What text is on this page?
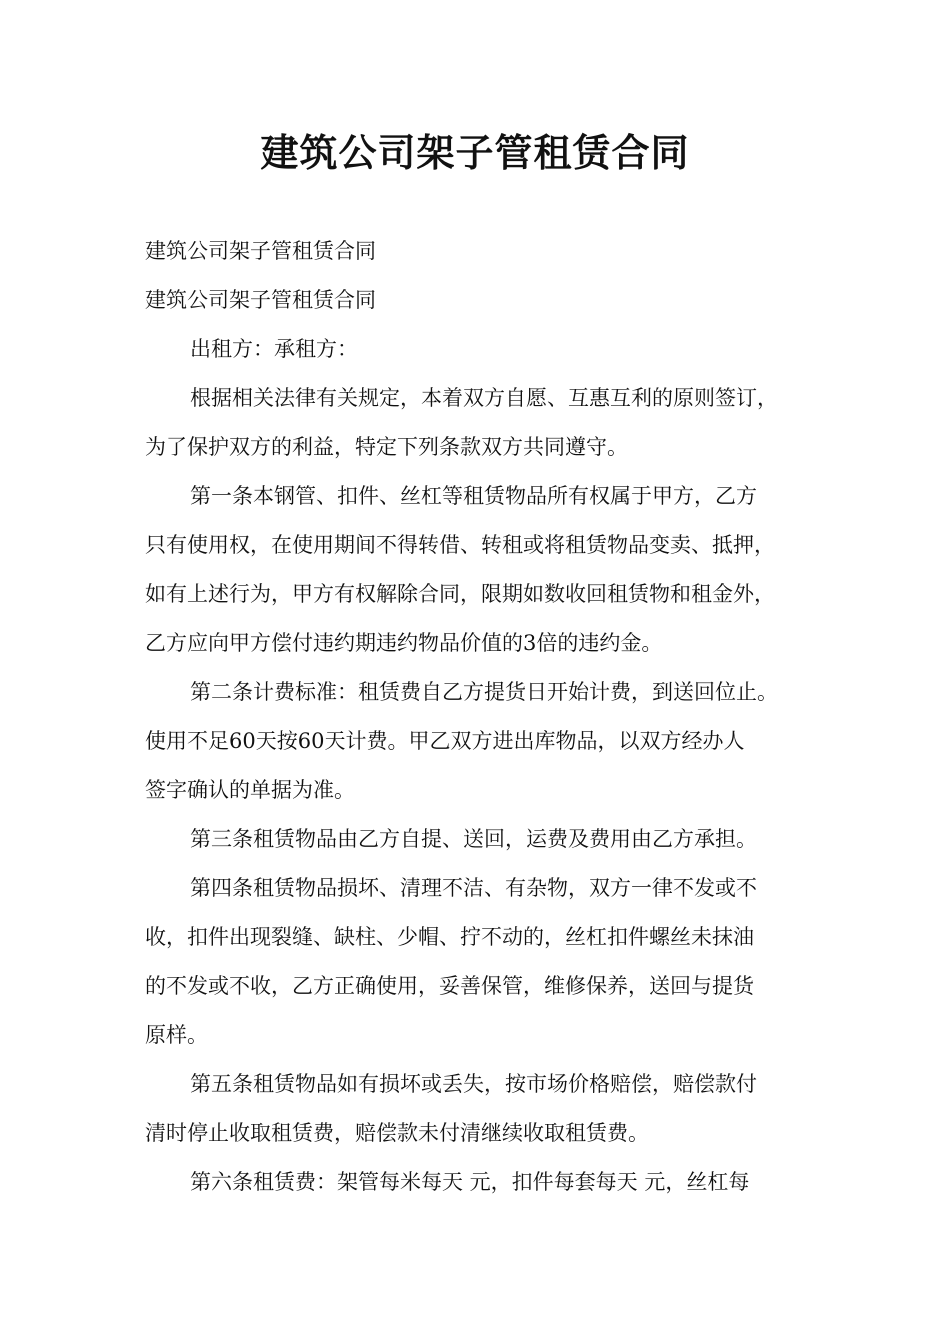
建筑公司架子管租赁合同
建筑公司架子管租赁合同
建筑公司架子管租赁合同
出租方：承租方：
根据相关法律有关规定，本着双方自愿、互惠互利的原则签订，
为了保护双方的利益，特定下列条款双方共同遵守。
第一条本钢管、扣件、丝杠等租赁物品所有权属于甲方，乙方
只有使用权，在使用期间不得转借、转租或将租赁物品变卖、抵押，
如有上述行为，甲方有权解除合同，限期如数收回租赁物和租金外，
乙方应向甲方偿付违约期违约物品价值的3倍的违约金。
第二条计费标准：租赁费自乙方提货日开始计费，到送回位止。
使用不足60天按60天计费。甲乙双方进出库物品，以双方经办人
签字确认的单据为准。
第三条租赁物品由乙方自提、送回，运费及费用由乙方承担。
第四条租赁物品损坏、清理不洁、有杂物，双方一律不发或不
收，扣件出现裂缝、缺柱、少帽、拧不动的，丝杠扣件螺丝未抹油
的不发或不收，乙方正确使用，妥善保管，维修保养，送回与提货
原样。
第五条租赁物品如有损坏或丢失，按市场价格赔偿，赔偿款付
清时停止收取租赁费，赔偿款未付清继续收取租赁费。
第六条租赁费：架管每米每天 元，扣件每套每天 元，丝杠每
